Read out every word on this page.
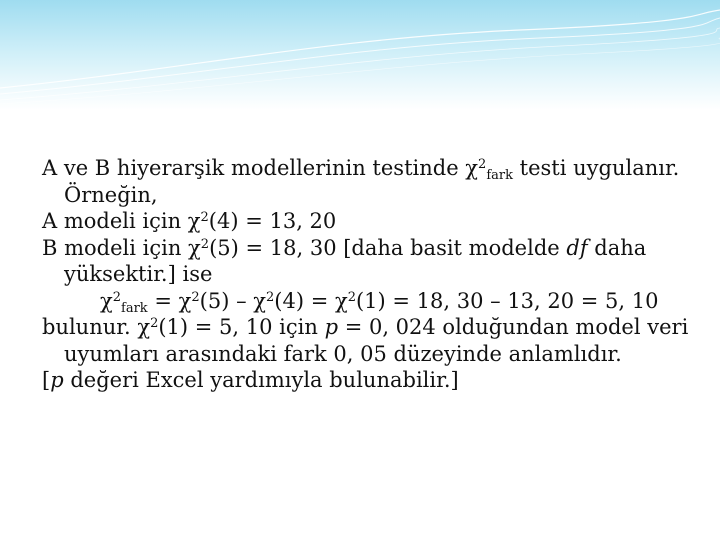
A ve B hiyerarşik modellerinin testinde $\chi^2_{fark}$ testi uygulanır. Örneğin,

A modeli için $\chi^2(4) = 13$, 20

B modeli için $\chi^2(5) = 18$, 30 [daha basit modelde df daha yüksektir.] ise

$\chi^2_{fark} = \chi^2(5) - \chi^2(4) = \chi^2(1) = 18$, 30 – 13, 20 = 5, 10

bulunur. $\chi^2(1) = 5$, 10 için p = 0, 024 olduğundan model veri uyumları arasındaki fark 0, 05 düzeyinde anlamlıdır.

[p değeri Excel yardımıyla bulunabilir.]
